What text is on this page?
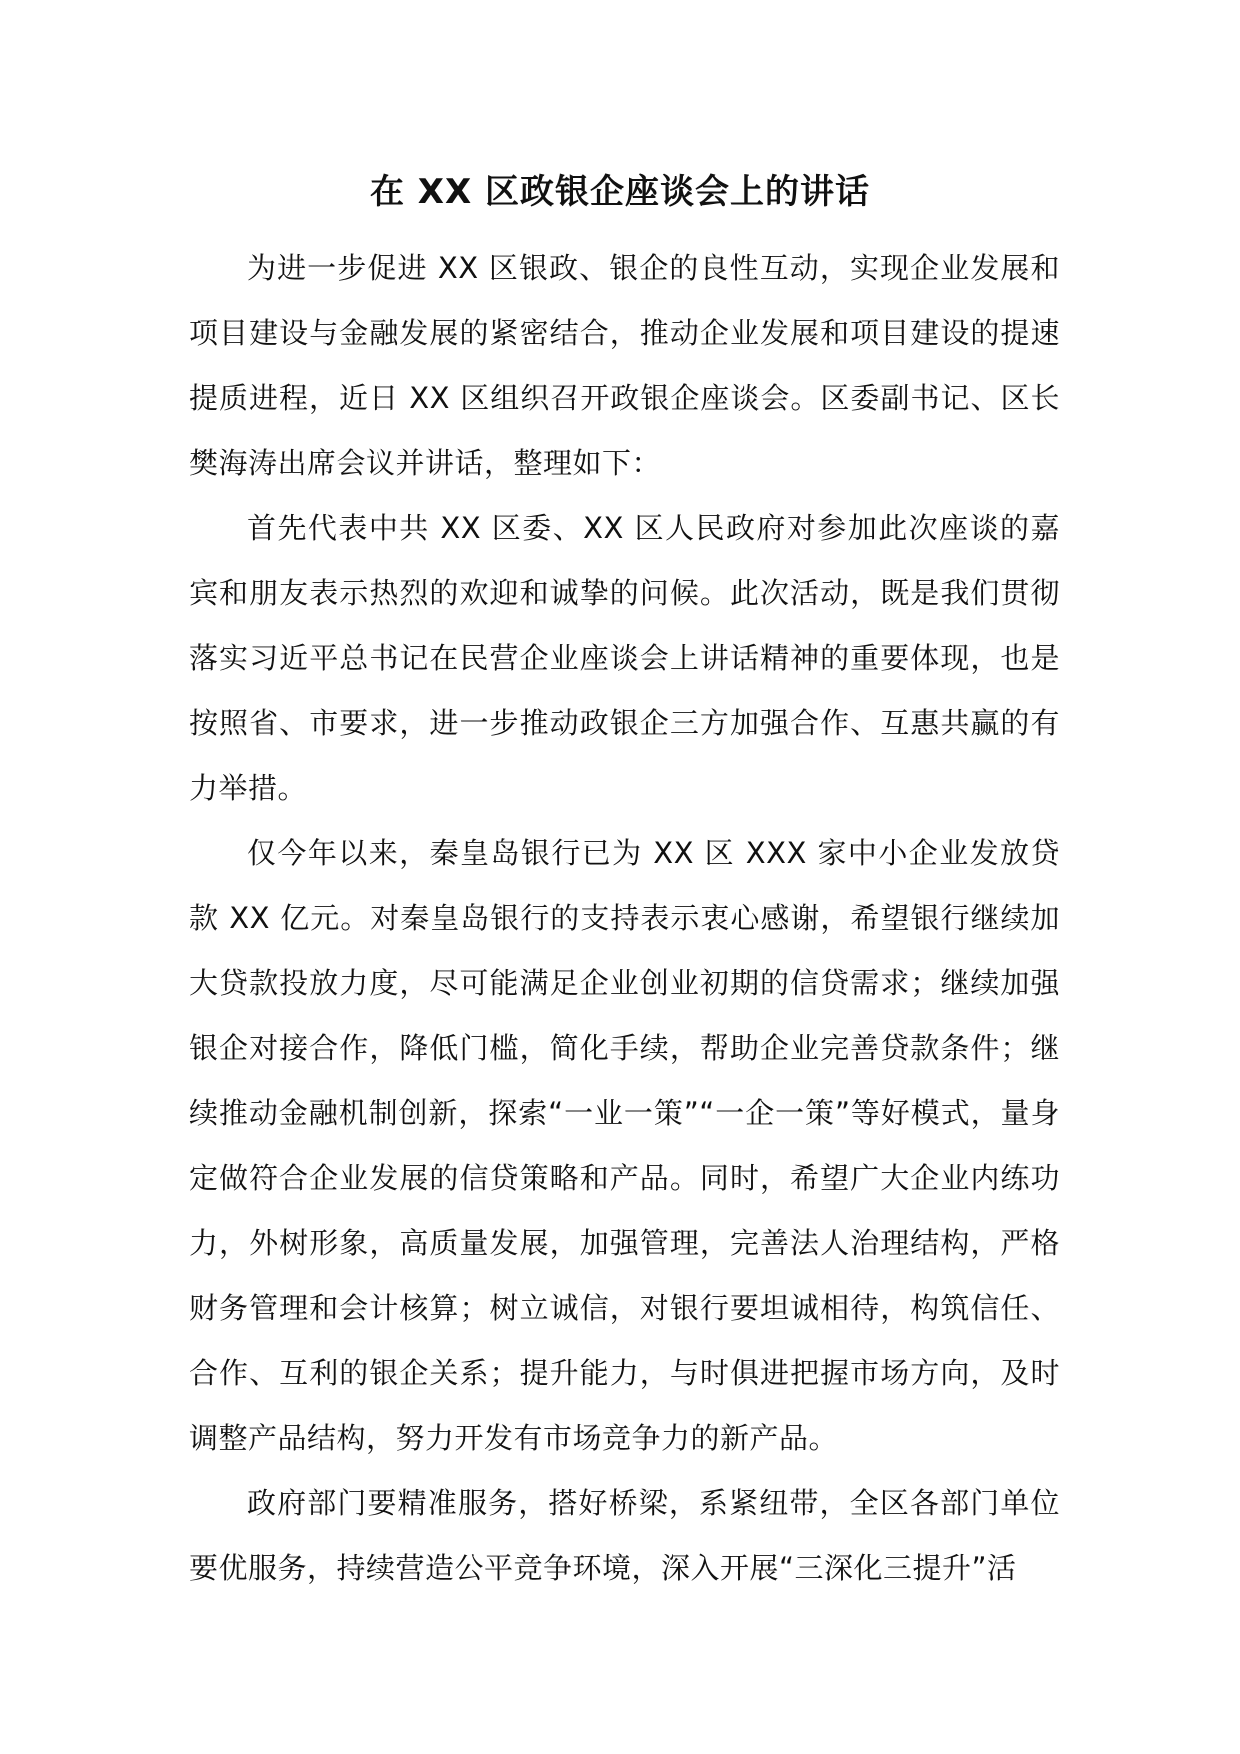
在 XX 区政银企座谈会上的讲话

为进一步促进 XX 区银政、银企的良性互动，实现企业发展和项目建设与金融发展的紧密结合，推动企业发展和项目建设的提速提质进程，近日 XX 区组织召开政银企座谈会。区委副书记、区长樊海涛出席会议并讲话，整理如下：

首先代表中共 XX 区委、XX 区人民政府对参加此次座谈的嘉宾和朋友表示热烈的欢迎和诚挚的问候。此次活动，既是我们贯彻落实习近平总书记在民营企业座谈会上讲话精神的重要体现，也是按照省、市要求，进一步推动政银企三方加强合作、互惠共赢的有力举措。

仅今年以来，秦皇岛银行已为 XX 区 XXX 家中小企业发放贷款 XX 亿元。对秦皇岛银行的支持表示衷心感谢，希望银行继续加大贷款投放力度，尽可能满足企业创业初期的信贷需求；继续加强银企对接合作，降低门槛，简化手续，帮助企业完善贷款条件；继续推动金融机制创新，探索“一业一策”“一企一策”等好模式，量身定做符合企业发展的信贷策略和产品。同时，希望广大企业内练功力，外树形象，高质量发展，加强管理，完善法人治理结构，严格财务管理和会计核算；树立诚信，对银行要坦诚相待，构筑信任、合作、互利的银企关系；提升能力，与时俱进把握市场方向，及时调整产品结构，努力开发有市场竞争力的新产品。

政府部门要精准服务，搭好桥梁，系紧纽带，全区各部门单位要优服务，持续营造公平竞争环境，深入开展“三深化三提升”活
